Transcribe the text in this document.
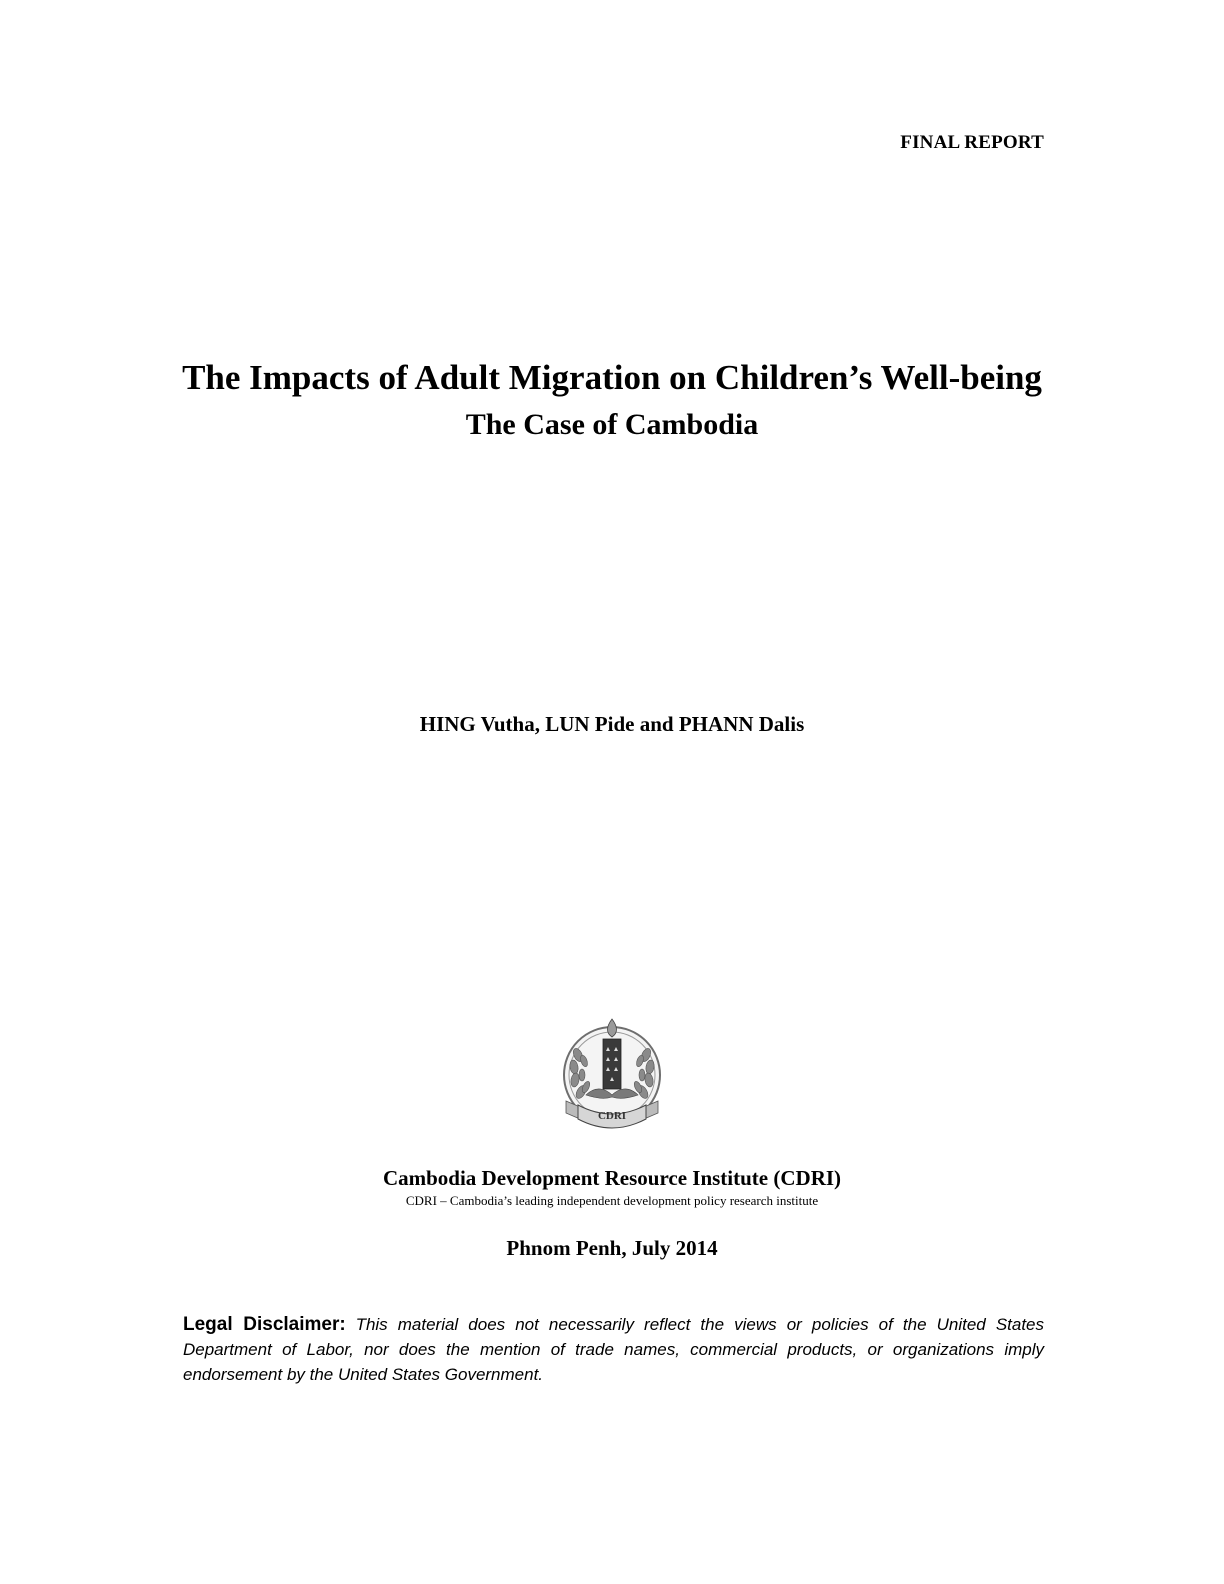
FINAL REPORT
The Impacts of Adult Migration on Children’s Well-being
The Case of Cambodia
HING Vutha, LUN Pide and PHANN Dalis
CDRI
Cambodia Development Resource Institute (CDRI)
CDRI – Cambodia’s leading independent development policy research institute
Phnom Penh, July 2014
Legal Disclaimer: This material does not necessarily reflect the views or policies of the United States Department of Labor, nor does the mention of trade names, commercial products, or organizations imply endorsement by the United States Government.
